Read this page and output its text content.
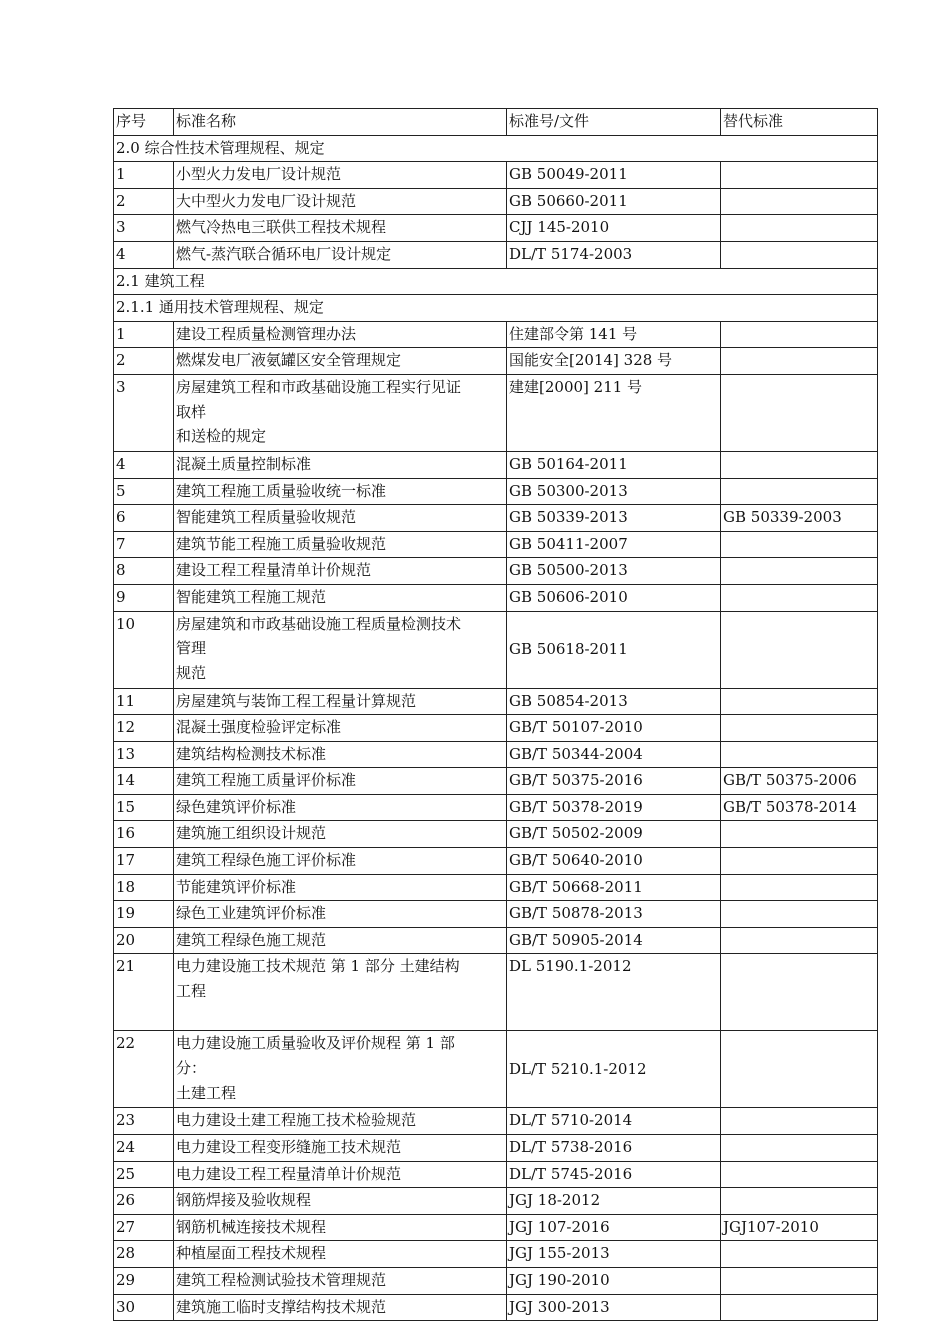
序号	标准名称	标准号/文件	替代标准
2.0 综合性技术管理规程、规定			
1	小型火力发电厂设计规范	GB 50049-2011	
2	大中型火力发电厂设计规范	GB 50660-2011	
3	燃气冷热电三联供工程技术规程	CJJ 145-2010	
4	燃气-蒸汽联合循环电厂设计规定	DL/T 5174-2003	
2.1 建筑工程			
2.1.1 通用技术管理规程、规定			
1	建设工程质量检测管理办法	住建部令第 141 号	
2	燃煤发电厂液氨罐区安全管理规定	国能安全[2014] 328 号	
3	房屋建筑工程和市政基础设施工程实行见证
取样
和送检的规定	建建[2000] 211 号	
4	混凝土质量控制标准	GB 50164-2011	
5	建筑工程施工质量验收统一标准	GB 50300-2013	
6	智能建筑工程质量验收规范	GB 50339-2013	GB 50339-2003
7	建筑节能工程施工质量验收规范	GB 50411-2007	
8	建设工程工程量清单计价规范	GB 50500-2013	
9	智能建筑工程施工规范	GB 50606-2010	
10	房屋建筑和市政基础设施工程质量检测技术
管理
规范	GB 50618-2011	
11	房屋建筑与装饰工程工程量计算规范	GB 50854-2013	
12	混凝土强度检验评定标准	GB/T 50107-2010	
13	建筑结构检测技术标准	GB/T 50344-2004	
14	建筑工程施工质量评价标准	GB/T 50375-2016	GB/T 50375-2006
15	绿色建筑评价标准	GB/T 50378-2019	GB/T 50378-2014
16	建筑施工组织设计规范	GB/T 50502-2009	
17	建筑工程绿色施工评价标准	GB/T 50640-2010	
18	节能建筑评价标准	GB/T 50668-2011	
19	绿色工业建筑评价标准	GB/T 50878-2013	
20	建筑工程绿色施工规范	GB/T 50905-2014	
21	电力建设施工技术规范 第 1 部分 土建结构
工程	DL 5190.1-2012	
22	电力建设施工质量验收及评价规程 第 1 部
分：
土建工程	DL/T 5210.1-2012	
23	电力建设土建工程施工技术检验规范	DL/T 5710-2014	
24	电力建设工程变形缝施工技术规范	DL/T 5738-2016	
25	电力建设工程工程量清单计价规范	DL/T 5745-2016	
26	钢筋焊接及验收规程	JGJ 18-2012	
27	钢筋机械连接技术规程	JGJ 107-2016	JGJ107-2010
28	种植屋面工程技术规程	JGJ 155-2013	
29	建筑工程检测试验技术管理规范	JGJ 190-2010	
30	建筑施工临时支撑结构技术规范	JGJ 300-2013	
